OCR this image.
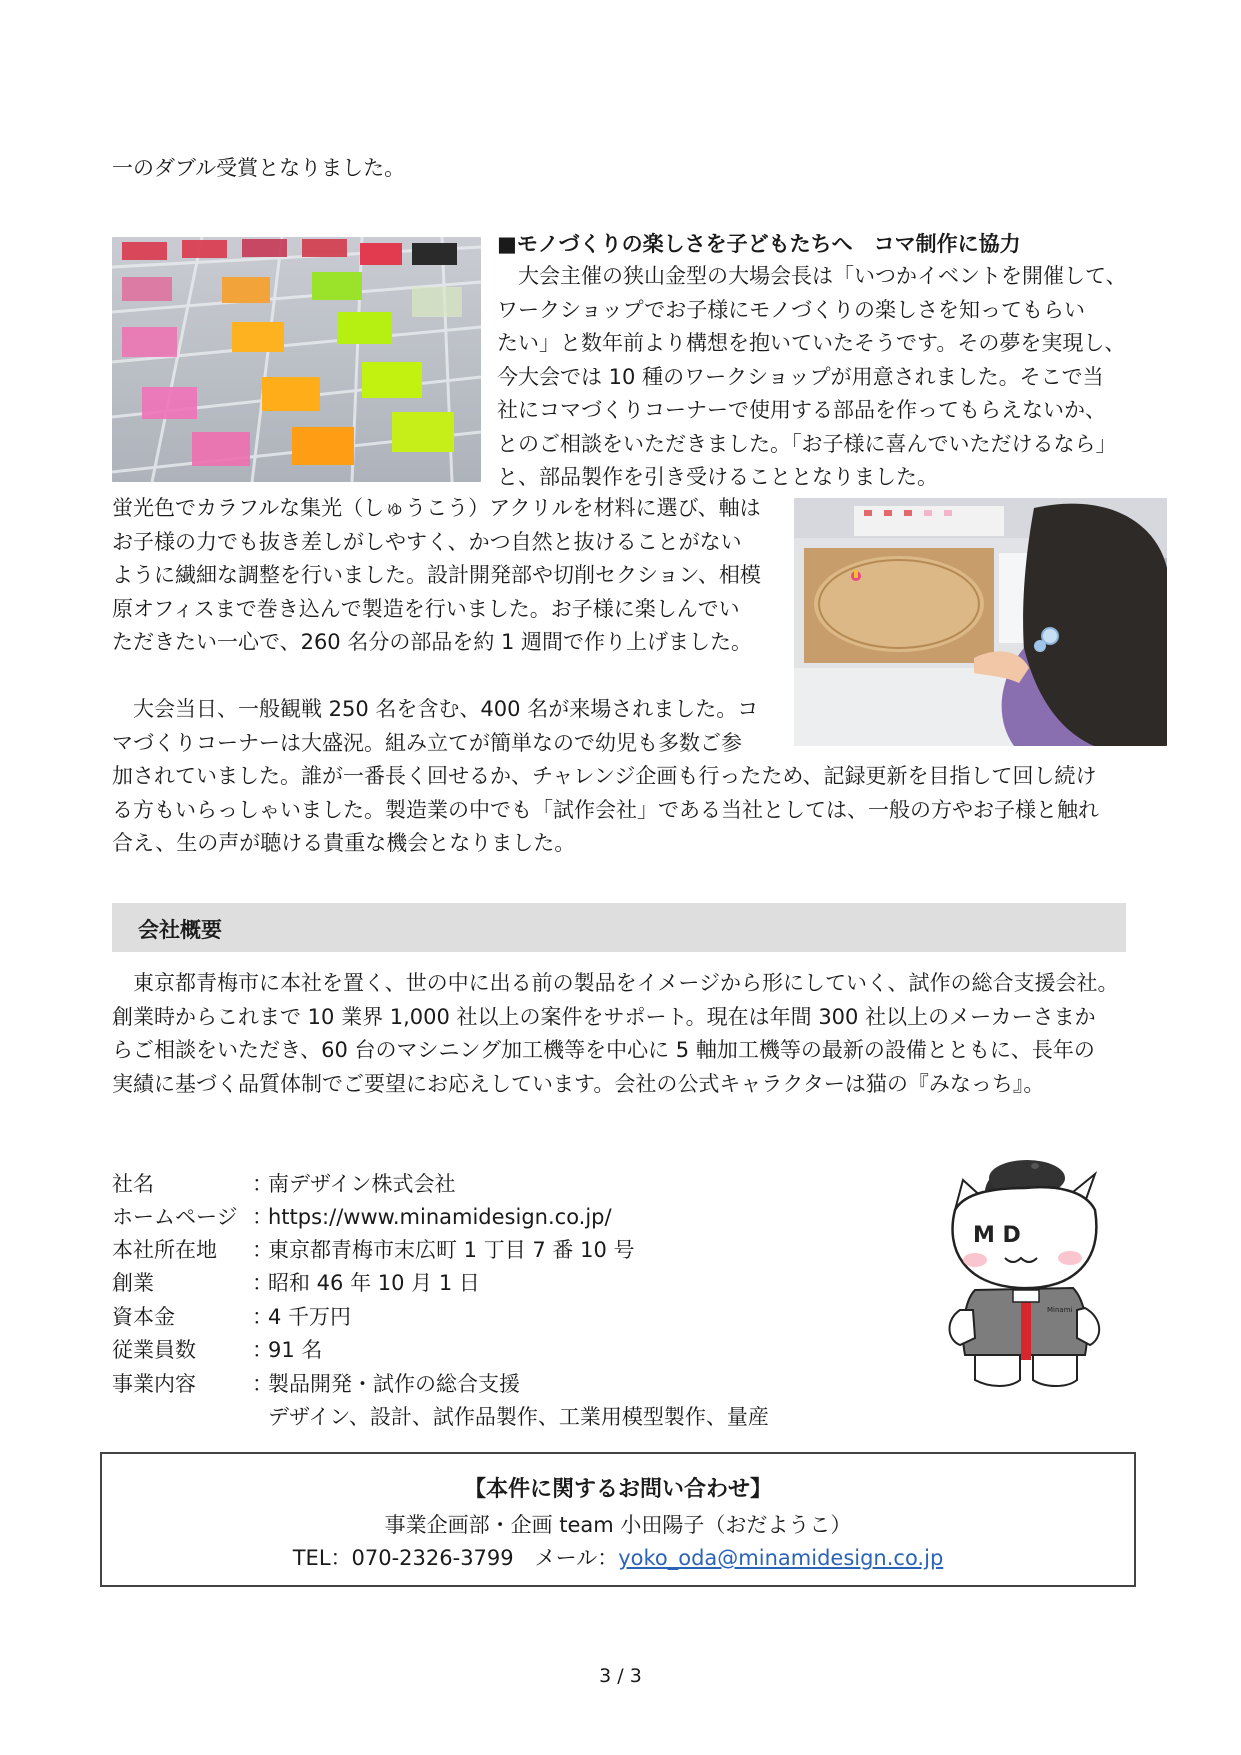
一のダブル受賞となりました。
■モノづくりの楽しさを子どもたちへ　コマ制作に協力
　大会主催の狭山金型の大場会長は「いつかイベントを開催して、
ワークショップでお子様にモノづくりの楽しさを知ってもらい
たい」と数年前より構想を抱いていたそうです。その夢を実現し、
今大会では 10 種のワークショップが用意されました。そこで当
社にコマづくりコーナーで使用する部品を作ってもらえないか、
とのご相談をいただきました。「お子様に喜んでいただけるなら」
と、部品製作を引き受けることとなりました。
蛍光色でカラフルな集光（しゅうこう）アクリルを材料に選び、軸は
お子様の力でも抜き差しがしやすく、かつ自然と抜けることがない
ように繊細な調整を行いました。設計開発部や切削セクション、相模
原オフィスまで巻き込んで製造を行いました。お子様に楽しんでい
ただきたい一心で、260 名分の部品を約 1 週間で作り上げました。
　大会当日、一般観戦 250 名を含む、400 名が来場されました。コ
マづくりコーナーは大盛況。組み立てが簡単なので幼児も多数ご参
加されていました。誰が一番長く回せるか、チャレンジ企画も行ったため、記録更新を目指して回し続け
る方もいらっしゃいました。製造業の中でも「試作会社」である当社としては、一般の方やお子様と触れ
合え、生の声が聴ける貴重な機会となりました。
会社概要
　東京都青梅市に本社を置く、世の中に出る前の製品をイメージから形にしていく、試作の総合支援会社。
創業時からこれまで 10 業界 1,000 社以上の案件をサポート。現在は年間 300 社以上のメーカーさまか
らご相談をいただき、60 台のマシニング加工機等を中心に 5 軸加工機等の最新の設備とともに、長年の
実績に基づく品質体制でご要望にお応えしています。会社の公式キャラクターは猫の『みなっち』。
社名	：南デザイン株式会社
ホームページ ：https://www.minamidesign.co.jp/
本社所在地 ：東京都青梅市末広町 1 丁目 7 番 10 号
創業	：昭和 46 年 10 月 1 日
資本金	：4 千万円
従業員数	：91 名
事業内容	：製品開発・試作の総合支援
デザイン、設計、試作品製作、工業用模型製作、量産
M D
Minami
【本件に関するお問い合わせ】
事業企画部・企画 team 小田陽子（おだようこ）
TEL：070-2326-3799　メール：yoko_oda@minamidesign.co.jp
3 / 3
